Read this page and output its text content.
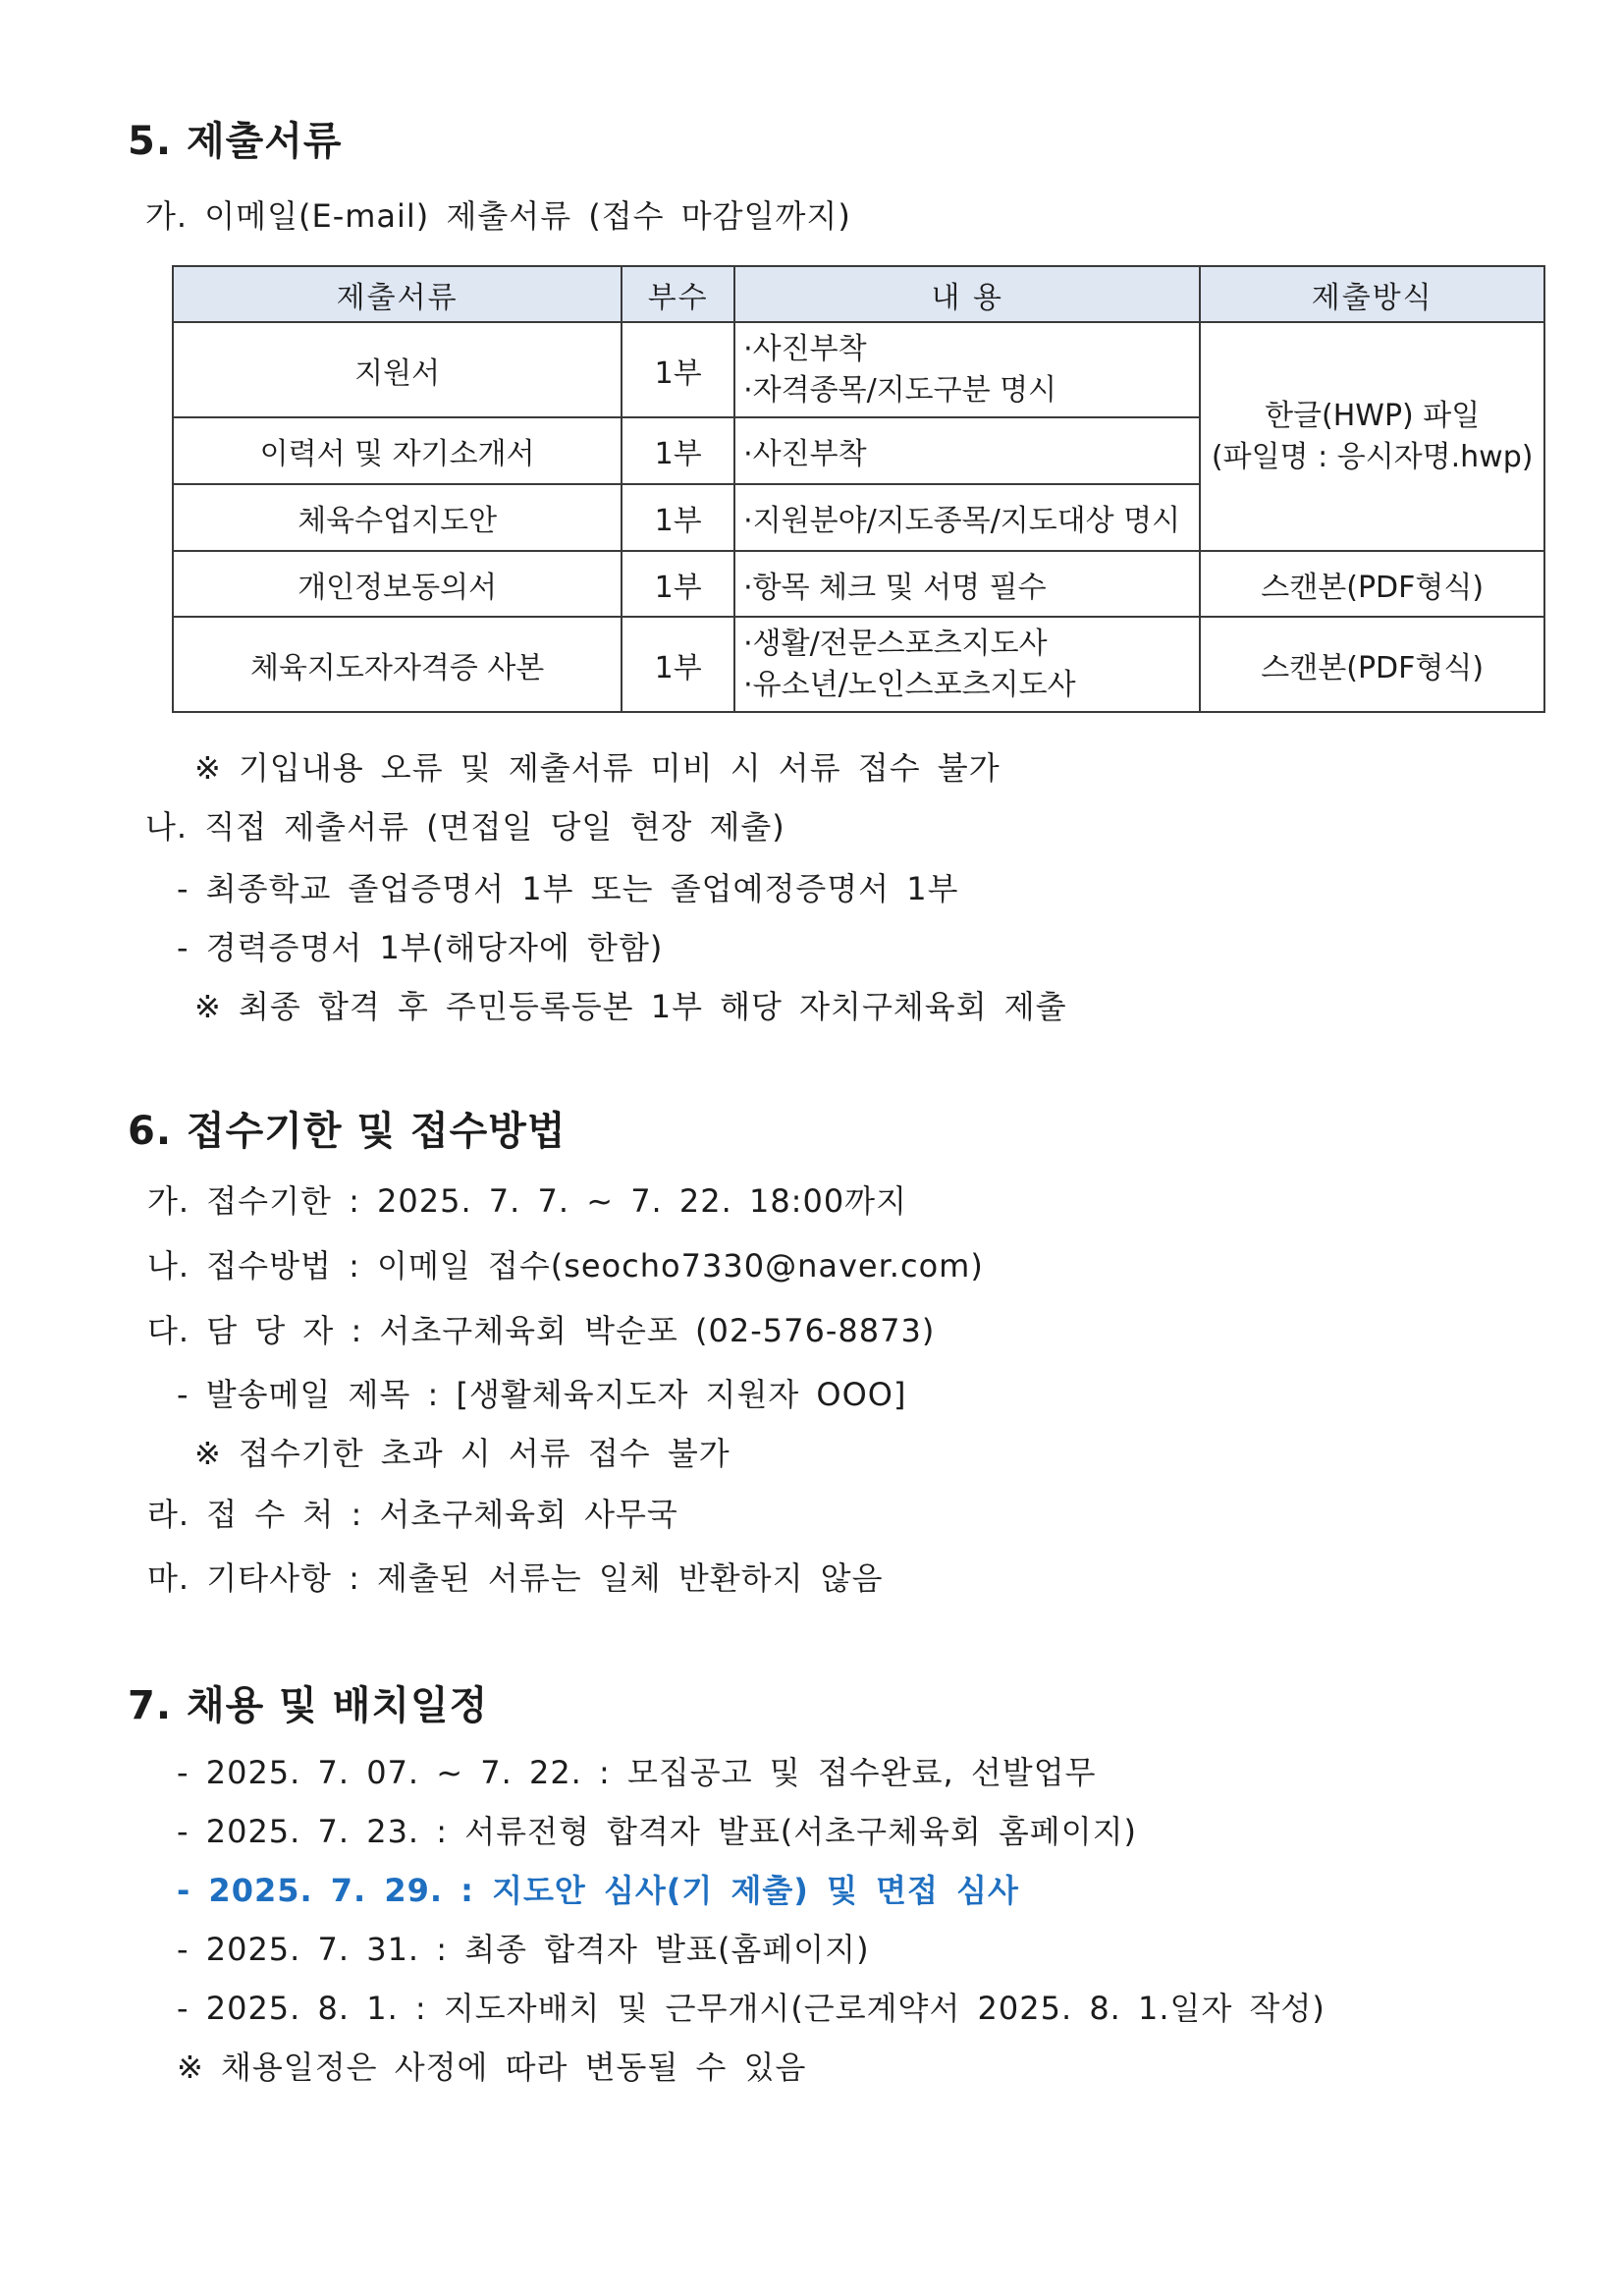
5. 제출서류
가. 이메일(E-mail) 제출서류 (접수 마감일까지)
제출서류	부수	내 용	제출방식
지원서	1부	·사진부착
·자격종목/지도구분 명시	한글(HWP) 파일
(파일명 : 응시자명.hwp)

이력서 및 자기소개서	1부	·사진부착	
체육수업지도안	1부	·지원분야/지도종목/지도대상 명시	
개인정보동의서	1부	·항목 체크 및 서명 필수	스캔본(PDF형식)
체육지도자자격증 사본	1부	·생활/전문스포츠지도사
·유소년/노인스포츠지도사	스캔본(PDF형식)
※ 기입내용 오류 및 제출서류 미비 시 서류 접수 불가
나. 직접 제출서류 (면접일 당일 현장 제출)
- 최종학교 졸업증명서 1부 또는 졸업예정증명서 1부
- 경력증명서 1부(해당자에 한함)
※ 최종 합격 후 주민등록등본 1부 해당 자치구체육회 제출
6. 접수기한 및 접수방법
가. 접수기한 : 2025. 7. 7. ~ 7. 22. 18:00까지
나. 접수방법 : 이메일 접수(seocho7330@naver.com)
다. 담 당 자 : 서초구체육회 박순포 (02-576-8873)
- 발송메일 제목 : [생활체육지도자 지원자 OOO]
※ 접수기한 초과 시 서류 접수 불가
라. 접 수 처 : 서초구체육회 사무국
마. 기타사항 : 제출된 서류는 일체 반환하지 않음
7. 채용 및 배치일정
- 2025. 7. 07. ~ 7. 22. : 모집공고 및 접수완료, 선발업무
- 2025. 7. 23. : 서류전형 합격자 발표(서초구체육회 홈페이지)
- 2025. 7. 29. : 지도안 심사(기 제출) 및 면접 심사
- 2025. 7. 31. : 최종 합격자 발표(홈페이지)
- 2025. 8. 1. : 지도자배치 및 근무개시(근로계약서 2025. 8. 1.일자 작성)
※ 채용일정은 사정에 따라 변동될 수 있음
